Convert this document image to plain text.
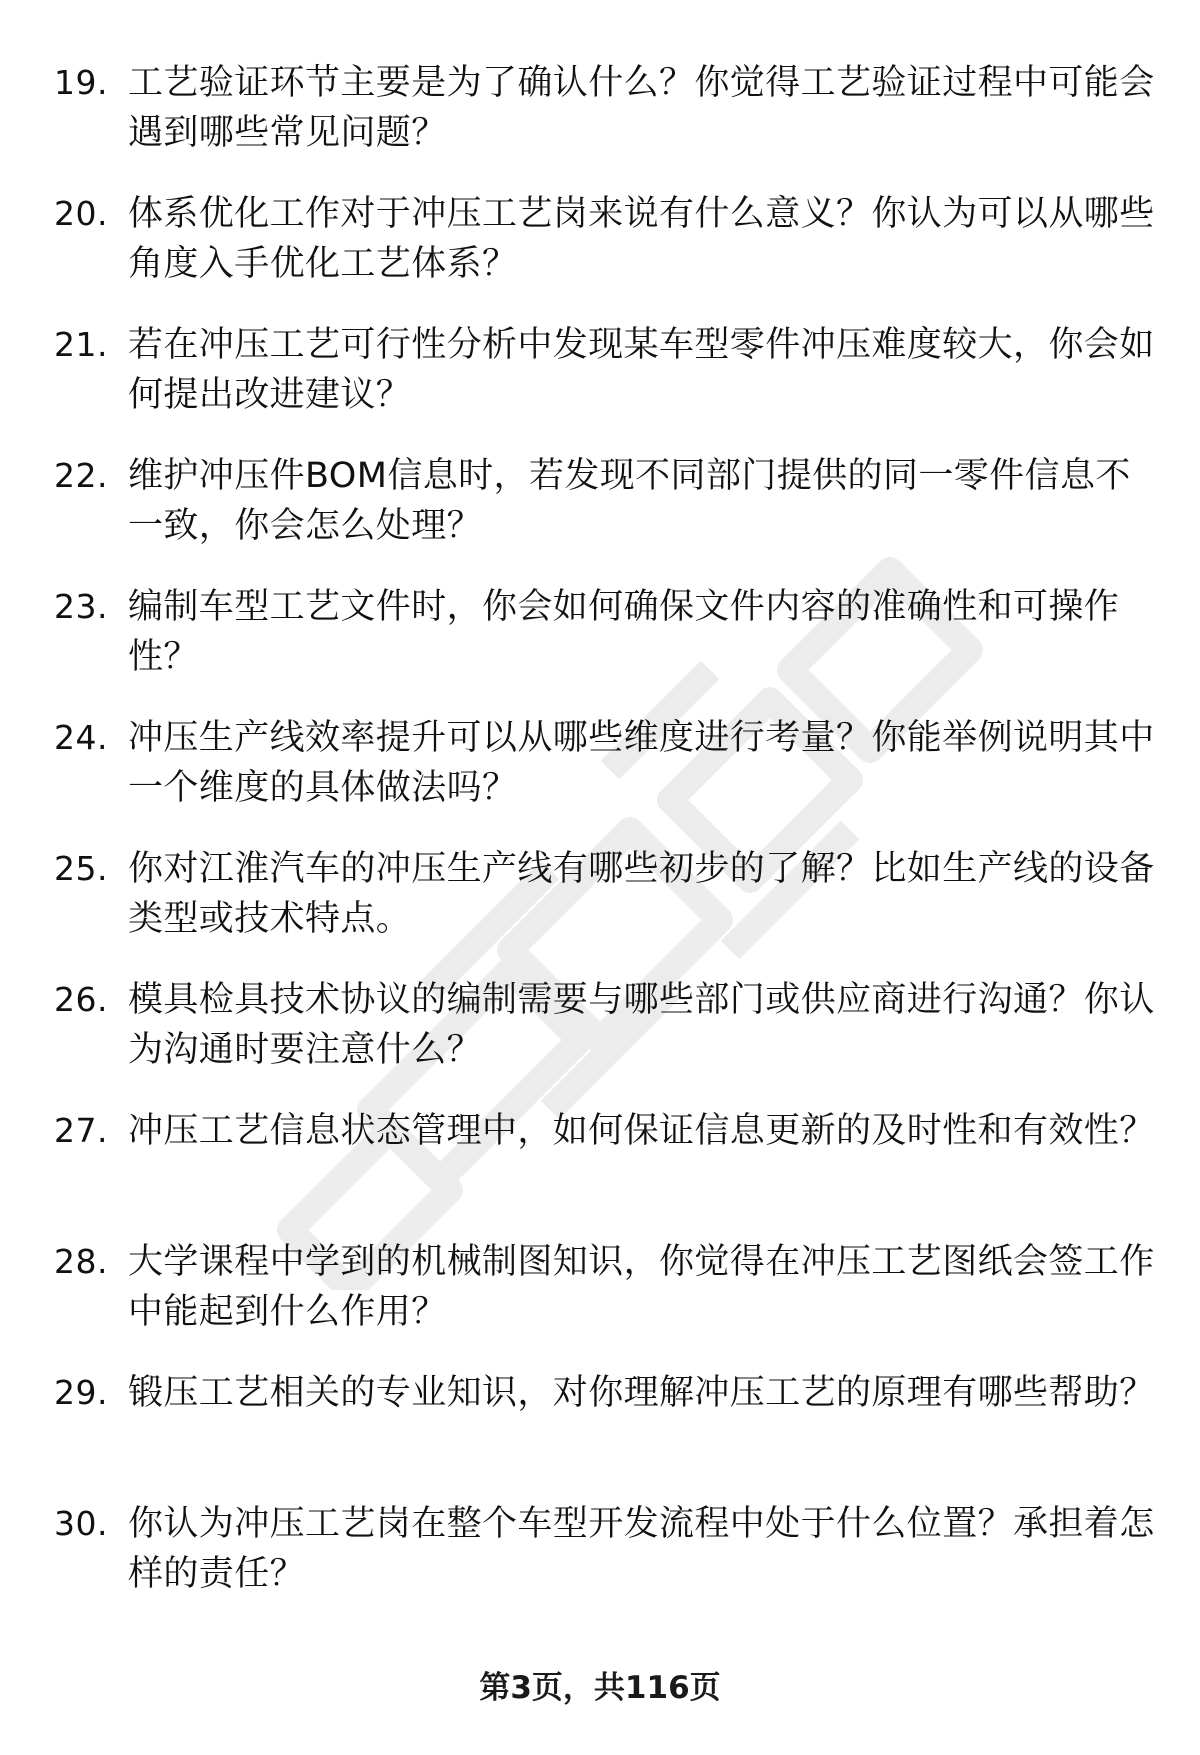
19. 工艺验证环节主要是为了确认什么？你觉得工艺验证过程中可能会遇到哪些常见问题？
20. 体系优化工作对于冲压工艺岗来说有什么意义？你认为可以从哪些角度入手优化工艺体系？
21. 若在冲压工艺可行性分析中发现某车型零件冲压难度较大，你会如何提出改进建议？
22. 维护冲压件BOM信息时，若发现不同部门提供的同一零件信息不一致，你会怎么处理？
23. 编制车型工艺文件时，你会如何确保文件内容的准确性和可操作性？
24. 冲压生产线效率提升可以从哪些维度进行考量？你能举例说明其中一个维度的具体做法吗？
25. 你对江淮汽车的冲压生产线有哪些初步的了解？比如生产线的设备类型或技术特点。
26. 模具检具技术协议的编制需要与哪些部门或供应商进行沟通？你认为沟通时要注意什么？
27. 冲压工艺信息状态管理中，如何保证信息更新的及时性和有效性？
28. 大学课程中学到的机械制图知识，你觉得在冲压工艺图纸会签工作中能起到什么作用？
29. 锻压工艺相关的专业知识，对你理解冲压工艺的原理有哪些帮助？
30. 你认为冲压工艺岗在整个车型开发流程中处于什么位置？承担着怎样的责任？
第3页，共116页
